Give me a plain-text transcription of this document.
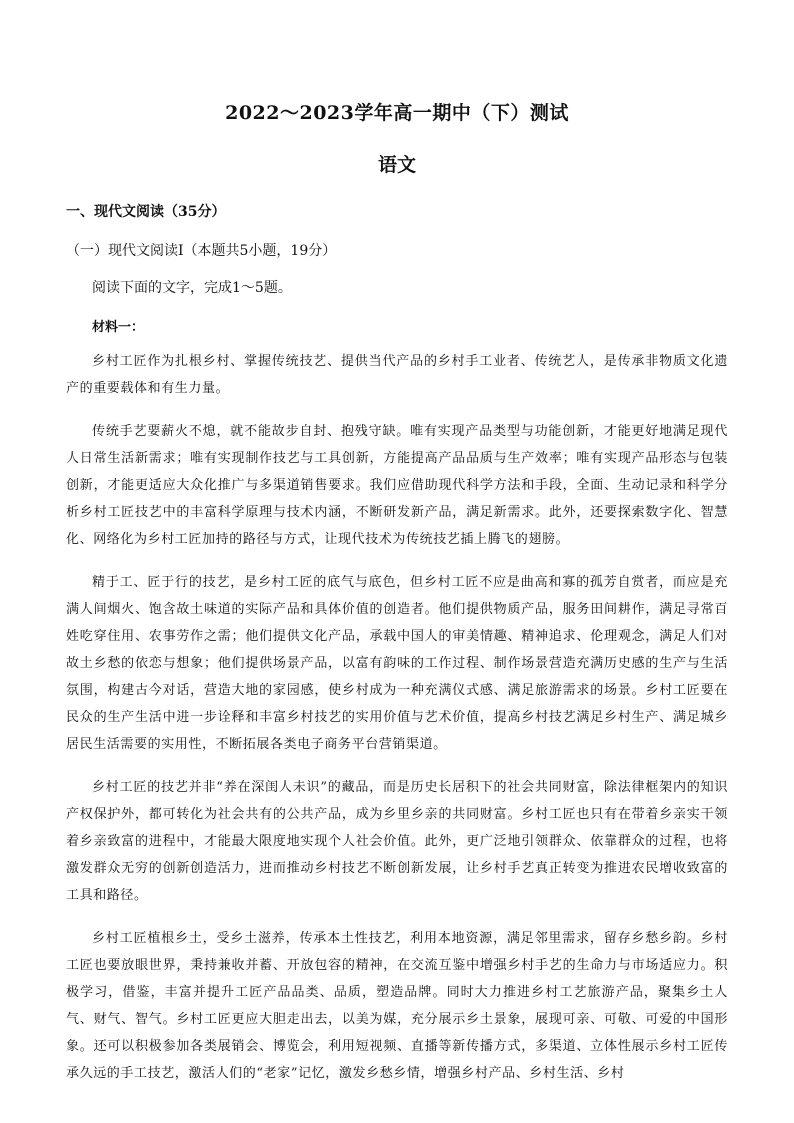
2022～2023学年高一期中（下）测试
语文
一、现代文阅读（35分）
（一）现代文阅读Ⅰ（本题共5小题，19分）
阅读下面的文字，完成1～5题。
材料一：

乡村工匠作为扎根乡村、掌握传统技艺、提供当代产品的乡村手工业者、传统艺人，是传承非物质文化遗产的重要载体和有生力量。

传统手艺要薪火不熄，就不能故步自封、抱残守缺。唯有实现产品类型与功能创新，才能更好地满足现代人日常生活新需求；唯有实现制作技艺与工具创新，方能提高产品品质与生产效率；唯有实现产品形态与包装创新，才能更适应大众化推广与多渠道销售要求。我们应借助现代科学方法和手段，全面、生动记录和科学分析乡村工匠技艺中的丰富科学原理与技术内涵，不断研发新产品，满足新需求。此外，还要探索数字化、智慧化、网络化为乡村工匠加持的路径与方式，让现代技术为传统技艺插上腾飞的翅膀。

精于工、匠于行的技艺，是乡村工匠的底气与底色，但乡村工匠不应是曲高和寡的孤芳自赏者，而应是充满人间烟火、饱含故土味道的实际产品和具体价值的创造者。他们提供物质产品，服务田间耕作，满足寻常百姓吃穿住用、农事劳作之需；他们提供文化产品，承载中国人的审美情趣、精神追求、伦理观念，满足人们对故土乡愁的依恋与想象；他们提供场景产品，以富有韵味的工作过程、制作场景营造充满历史感的生产与生活氛围，构建古今对话，营造大地的家园感，使乡村成为一种充满仪式感、满足旅游需求的场景。乡村工匠要在民众的生产生活中进一步诠释和丰富乡村技艺的实用价值与艺术价值，提高乡村技艺满足乡村生产、满足城乡居民生活需要的实用性，不断拓展各类电子商务平台营销渠道。

乡村工匠的技艺并非“养在深闺人未识”的藏品，而是历史长居积下的社会共同财富，除法律框架内的知识产权保护外，都可转化为社会共有的公共产品，成为乡里乡亲的共同财富。乡村工匠也只有在带着乡亲实干领着乡亲致富的进程中，才能最大限度地实现个人社会价值。此外，更广泛地引领群众、依靠群众的过程，也将激发群众无穷的创新创造活力，进而推动乡村技艺不断创新发展，让乡村手艺真正转变为推进农民增收致富的工具和路径。

乡村工匠植根乡土，受乡土滋养，传承本土性技艺，利用本地资源，满足邻里需求，留存乡愁乡韵。乡村工匠也要放眼世界，秉持兼收并蓄、开放包容的精神，在交流互鉴中增强乡村手艺的生命力与市场适应力。积极学习，借鉴，丰富并提升工匠产品品类、品质，塑造品牌。同时大力推进乡村工艺旅游产品，聚集乡土人气、财气、智气。乡村工匠更应大胆走出去，以美为媒，充分展示乡土景象，展现可亲、可敬、可爱的中国形象。还可以积极参加各类展销会、博览会，利用短视频、直播等新传播方式，多渠道、立体性展示乡村工匠传承久远的手工技艺，激活人们的“老家”记忆，激发乡愁乡情，增强乡村产品、乡村生活、乡村
